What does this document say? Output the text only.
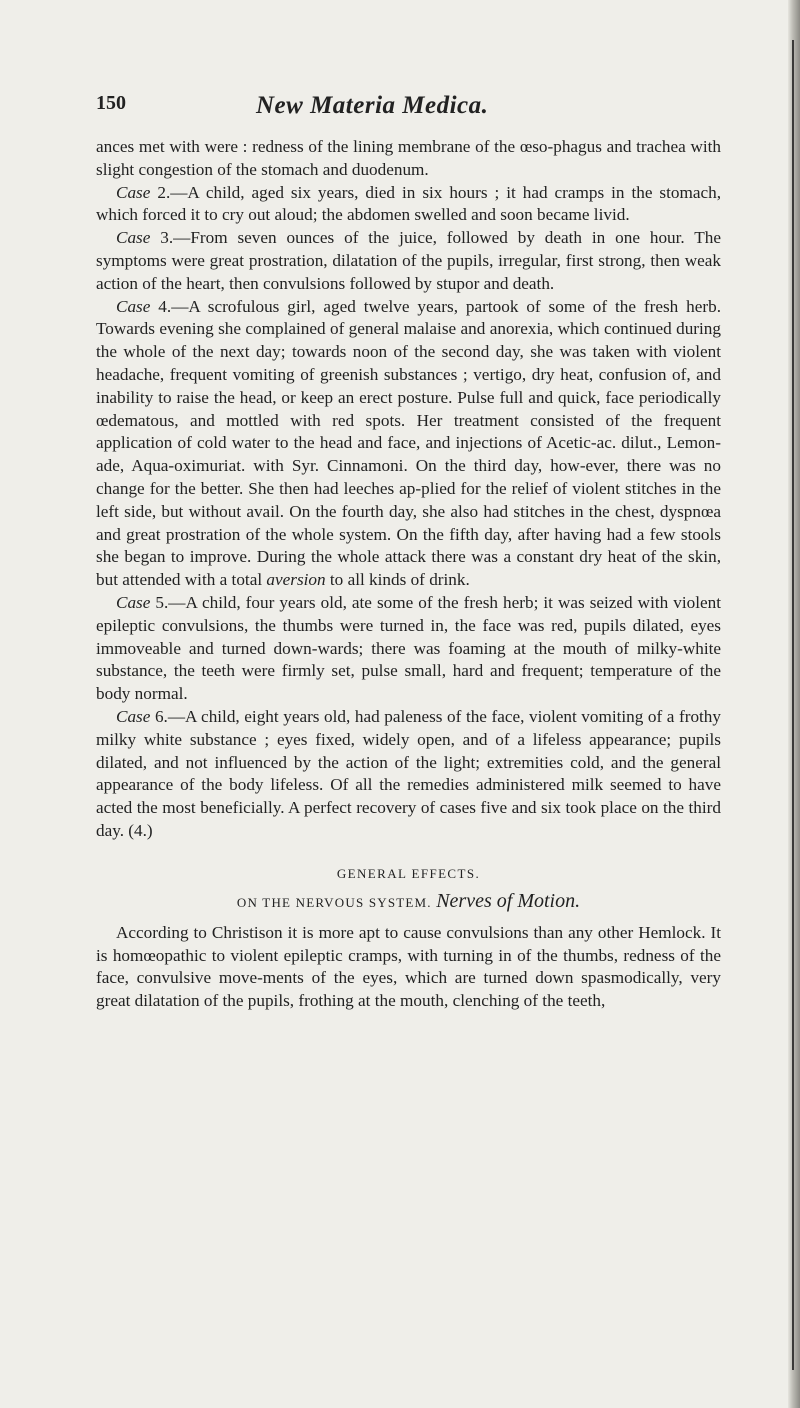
150	New Materia Medica.

ances met with were : redness of the lining membrane of the œso-phagus and trachea with slight congestion of the stomach and duodenum.

Case 2.—A child, aged six years, died in six hours ; it had cramps in the stomach, which forced it to cry out aloud; the abdomen swelled and soon became livid.

Case 3.—From seven ounces of the juice, followed by death in one hour. The symptoms were great prostration, dilatation of the pupils, irregular, first strong, then weak action of the heart, then convulsions followed by stupor and death.

Case 4.—A scrofulous girl, aged twelve years, partook of some of the fresh herb. Towards evening she complained of general malaise and anorexia, which continued during the whole of the next day; towards noon of the second day, she was taken with violent headache, frequent vomiting of greenish substances ; vertigo, dry heat, confusion of, and inability to raise the head, or keep an erect posture. Pulse full and quick, face periodically œdematous, and mottled with red spots. Her treatment consisted of the frequent application of cold water to the head and face, and injections of Acetic-ac. dilut., Lemon-ade, Aqua-oximuriat. with Syr. Cinnamoni. On the third day, how-ever, there was no change for the better. She then had leeches ap-plied for the relief of violent stitches in the left side, but without avail. On the fourth day, she also had stitches in the chest, dyspnœa and great prostration of the whole system. On the fifth day, after having had a few stools she began to improve. During the whole attack there was a constant dry heat of the skin, but attended with a total aversion to all kinds of drink.

Case 5.—A child, four years old, ate some of the fresh herb; it was seized with violent epileptic convulsions, the thumbs were turned in, the face was red, pupils dilated, eyes immoveable and turned down-wards; there was foaming at the mouth of milky-white substance, the teeth were firmly set, pulse small, hard and frequent; temperature of the body normal.

Case 6.—A child, eight years old, had paleness of the face, violent vomiting of a frothy milky white substance ; eyes fixed, widely open, and of a lifeless appearance; pupils dilated, and not influenced by the action of the light; extremities cold, and the general appearance of the body lifeless. Of all the remedies administered milk seemed to have acted the most beneficially. A perfect recovery of cases five and six took place on the third day. (4.)

GENERAL EFFECTS.
ON THE NERVOUS SYSTEM. Nerves of Motion.

According to Christison it is more apt to cause convulsions than any other Hemlock. It is homœopathic to violent epileptic cramps, with turning in of the thumbs, redness of the face, convulsive move-ments of the eyes, which are turned down spasmodically, very great dilatation of the pupils, frothing at the mouth, clenching of the teeth,
